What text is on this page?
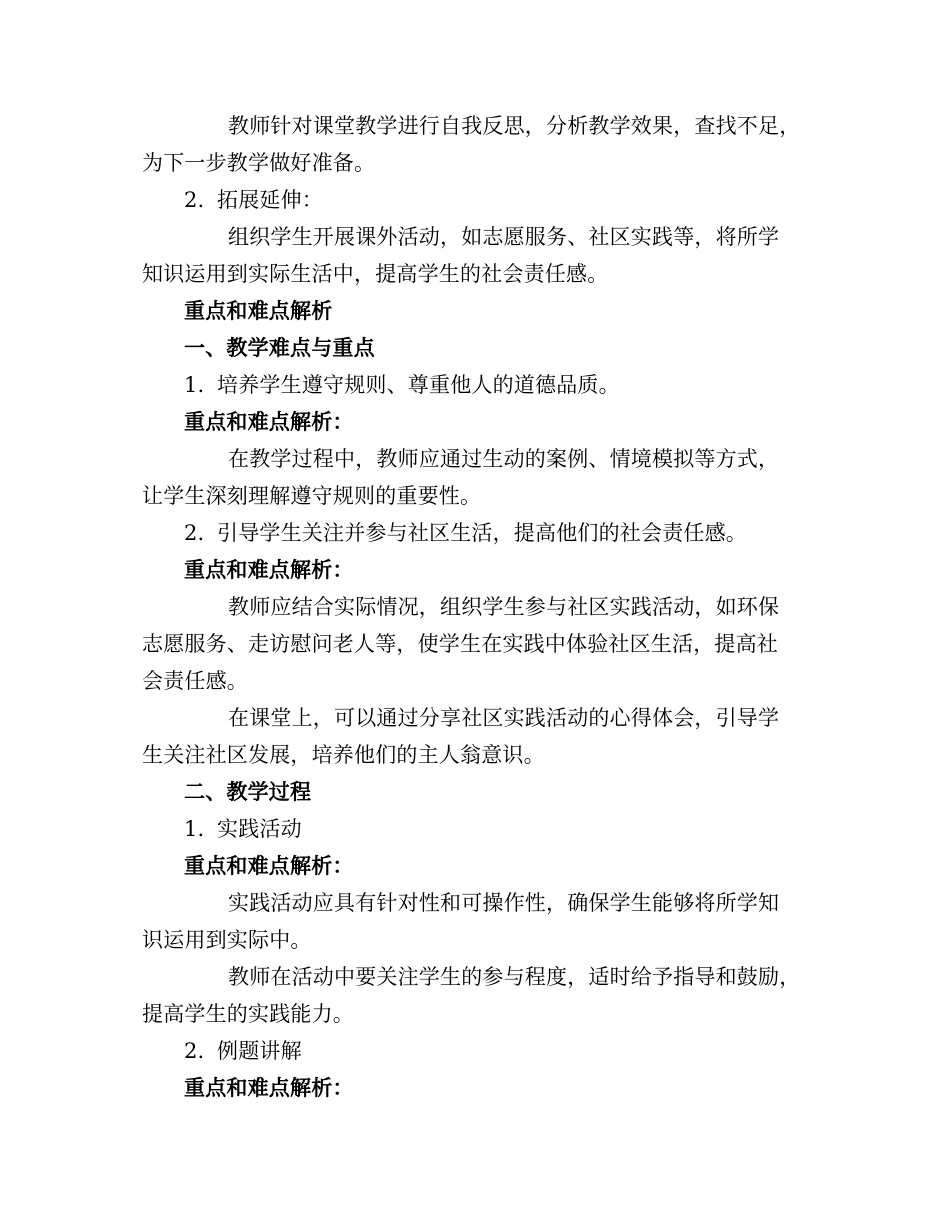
教师针对课堂教学进行自我反思，分析教学效果，查找不足，
为下一步教学做好准备。
2. 拓展延伸：
组织学生开展课外活动，如志愿服务、社区实践等，将所学
知识运用到实际生活中，提高学生的社会责任感。
重点和难点解析
一、教学难点与重点
1. 培养学生遵守规则、尊重他人的道德品质。
重点和难点解析：
在教学过程中，教师应通过生动的案例、情境模拟等方式，
让学生深刻理解遵守规则的重要性。
2. 引导学生关注并参与社区生活，提高他们的社会责任感。
重点和难点解析：
教师应结合实际情况，组织学生参与社区实践活动，如环保
志愿服务、走访慰问老人等，使学生在实践中体验社区生活，提高社
会责任感。
在课堂上，可以通过分享社区实践活动的心得体会，引导学
生关注社区发展，培养他们的主人翁意识。
二、教学过程
1. 实践活动
重点和难点解析：
实践活动应具有针对性和可操作性，确保学生能够将所学知
识运用到实际中。
教师在活动中要关注学生的参与程度，适时给予指导和鼓励，
提高学生的实践能力。
2. 例题讲解
重点和难点解析：
